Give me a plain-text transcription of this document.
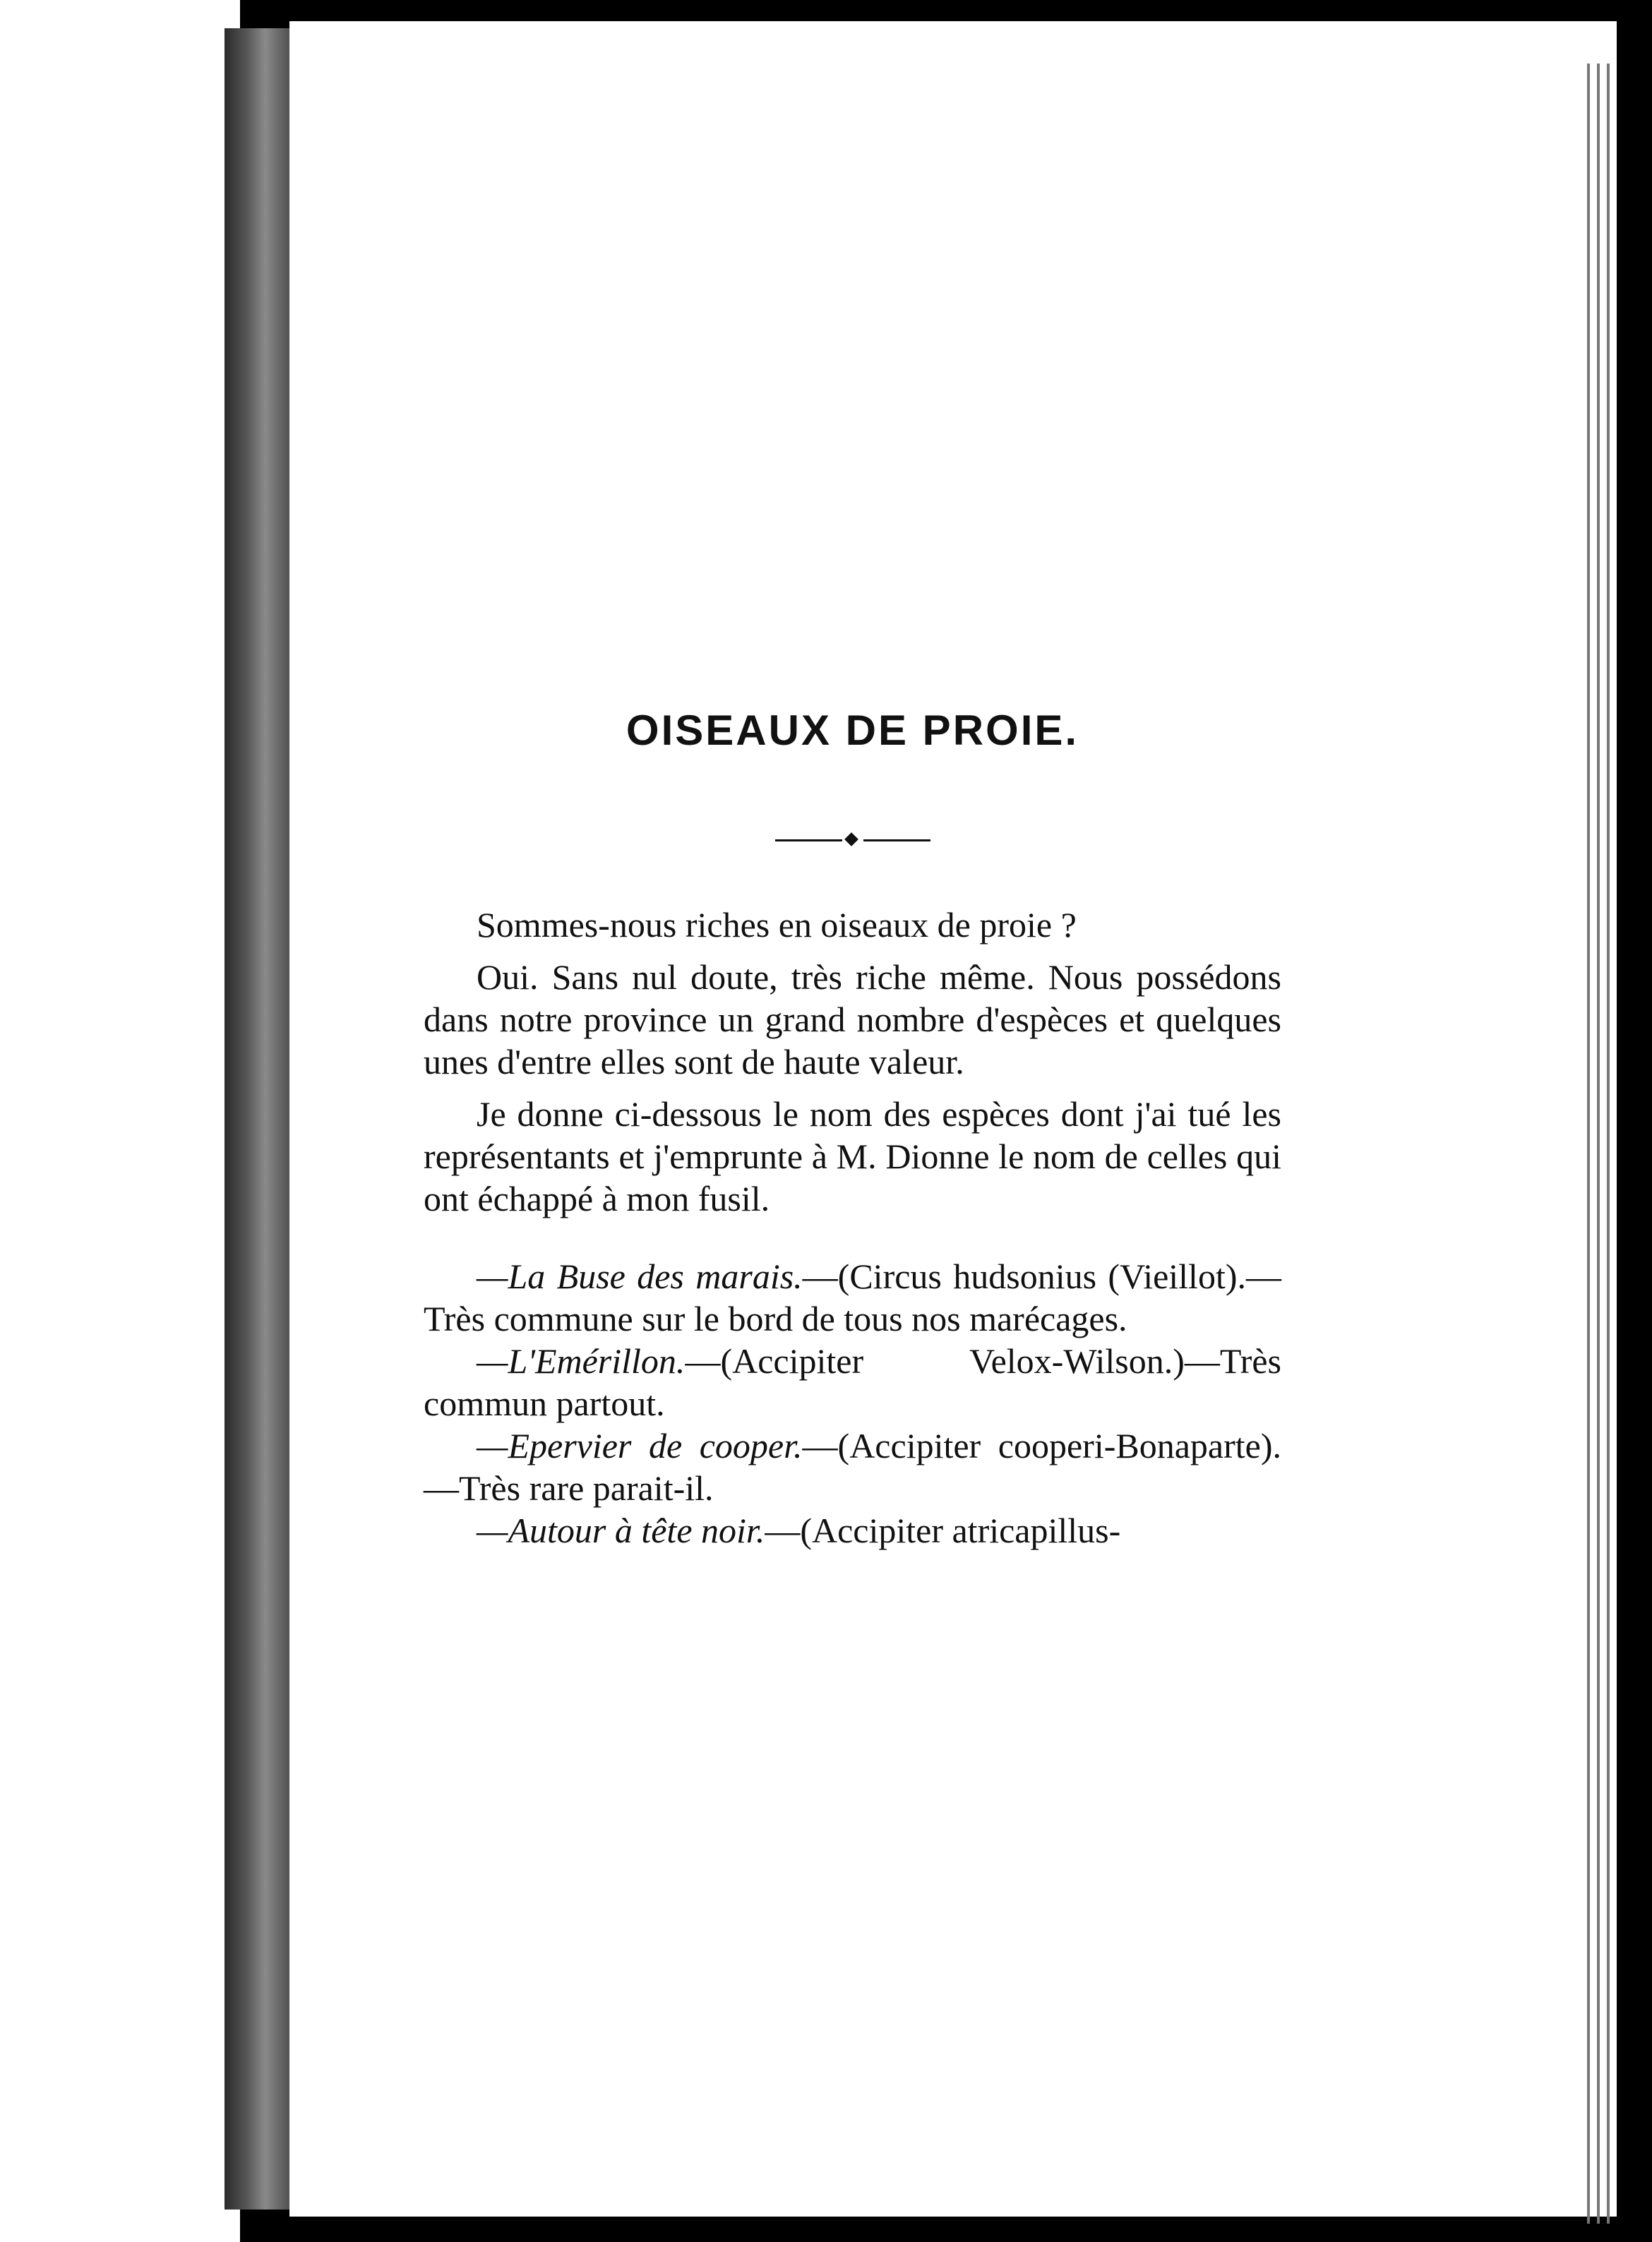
OISEAUX DE PROIE.

Sommes-nous riches en oiseaux de proie ?

Oui. Sans nul doute, très riche même. Nous possédons dans notre province un grand nombre d'espèces et quelques unes d'entre elles sont de haute valeur.

Je donne ci-dessous le nom des espèces dont j'ai tué les représentants et j'emprunte à M. Dionne le nom de celles qui ont échappé à mon fusil.

—La Buse des marais.—(Circus hudsonius (Vieillot).—Très commune sur le bord de tous nos marécages.

—L'Emérillon.—(Accipiter Velox-Wilson.)—Très commun partout.

—Epervier de cooper.—(Accipiter cooperi-Bonaparte).—Très rare parait-il.

—Autour à tête noir.—(Accipiter atricapillus-
